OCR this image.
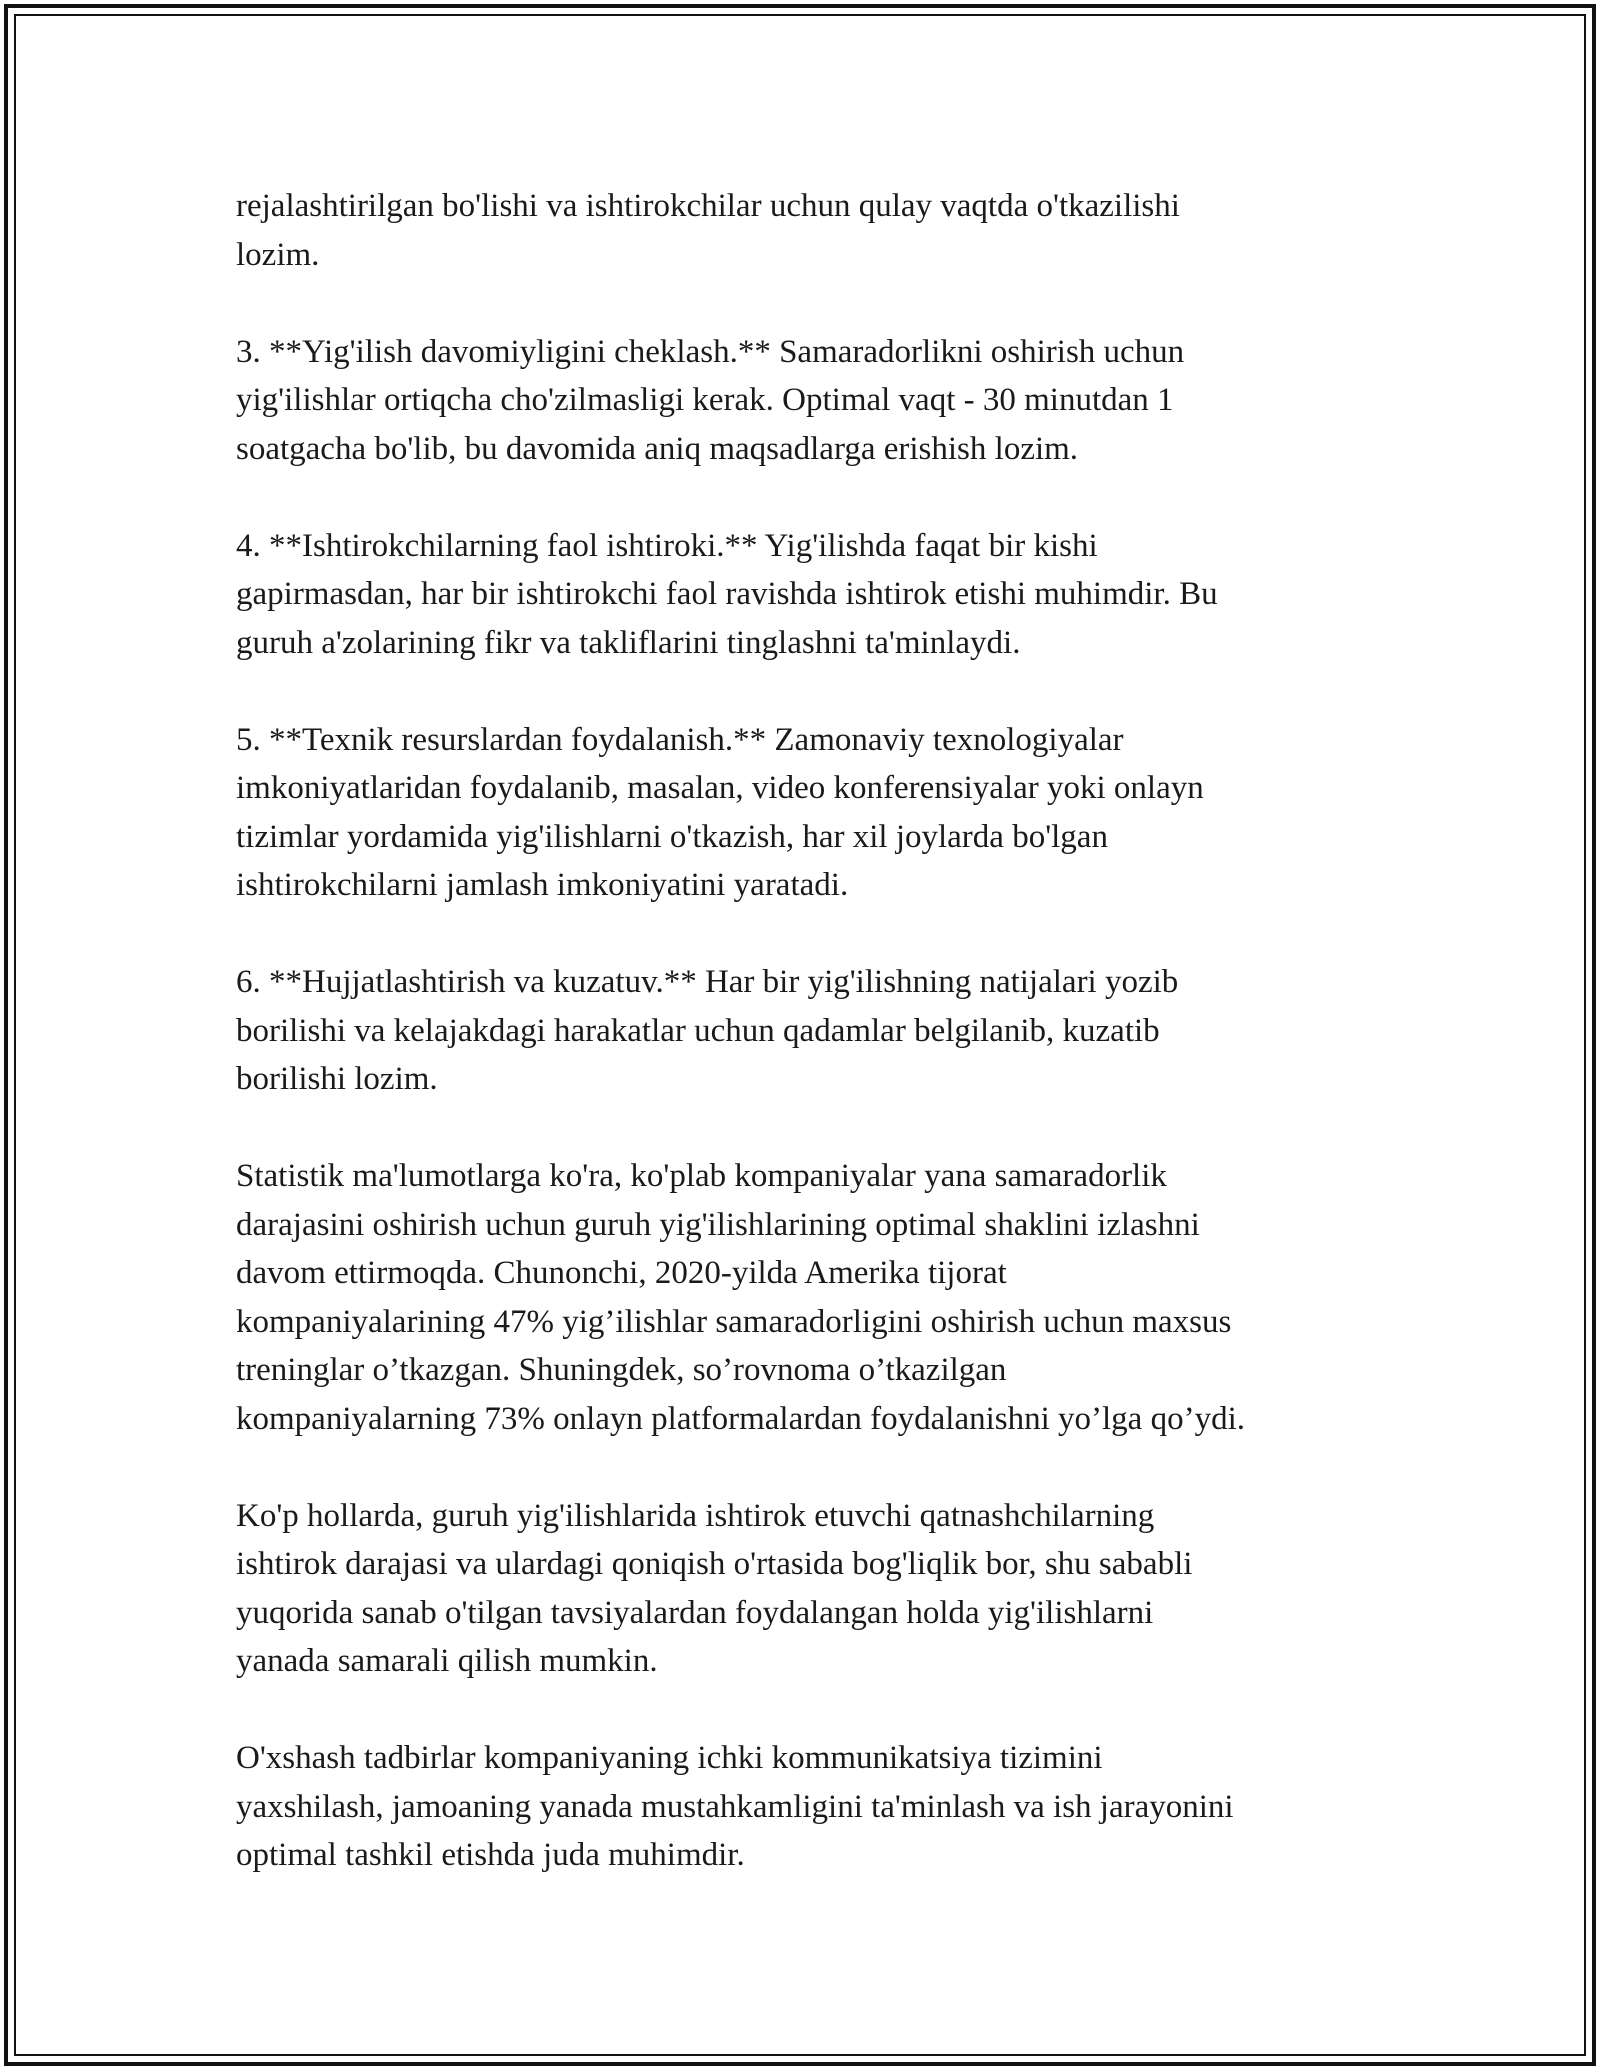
rejalashtirilgan bo'lishi va ishtirokchilar uchun qulay vaqtda o'tkazilishi
lozim.

3. **Yig'ilish davomiyligini cheklash.** Samaradorlikni oshirish uchun
yig'ilishlar ortiqcha cho'zilmasligi kerak. Optimal vaqt - 30 minutdan 1
soatgacha bo'lib, bu davomida aniq maqsadlarga erishish lozim.

4. **Ishtirokchilarning faol ishtiroki.** Yig'ilishda faqat bir kishi
gapirmasdan, har bir ishtirokchi faol ravishda ishtirok etishi muhimdir. Bu
guruh a'zolarining fikr va takliflarini tinglashni ta'minlaydi.

5. **Texnik resurslardan foydalanish.** Zamonaviy texnologiyalar
imkoniyatlaridan foydalanib, masalan, video konferensiyalar yoki onlayn
tizimlar yordamida yig'ilishlarni o'tkazish, har xil joylarda bo'lgan
ishtirokchilarni jamlash imkoniyatini yaratadi.

6. **Hujjatlashtirish va kuzatuv.** Har bir yig'ilishning natijalari yozib
borilishi va kelajakdagi harakatlar uchun qadamlar belgilanib, kuzatib
borilishi lozim.

Statistik ma'lumotlarga ko'ra, ko'plab kompaniyalar yana samaradorlik
darajasini oshirish uchun guruh yig'ilishlarining optimal shaklini izlashni
davom ettirmoqda. Chunonchi, 2020-yilda Amerika tijorat
kompaniyalarining 47% yig’ilishlar samaradorligini oshirish uchun maxsus
treninglar o’tkazgan. Shuningdek, so’rovnoma o’tkazilgan
kompaniyalarning 73% onlayn platformalardan foydalanishni yo’lga qo’ydi.

Ko'p hollarda, guruh yig'ilishlarida ishtirok etuvchi qatnashchilarning
ishtirok darajasi va ulardagi qoniqish o'rtasida bog'liqlik bor, shu sababli
yuqorida sanab o'tilgan tavsiyalardan foydalangan holda yig'ilishlarni
yanada samarali qilish mumkin.

O'xshash tadbirlar kompaniyaning ichki kommunikatsiya tizimini
yaxshilash, jamoaning yanada mustahkamligini ta'minlash va ish jarayonini
optimal tashkil etishda juda muhimdir.
